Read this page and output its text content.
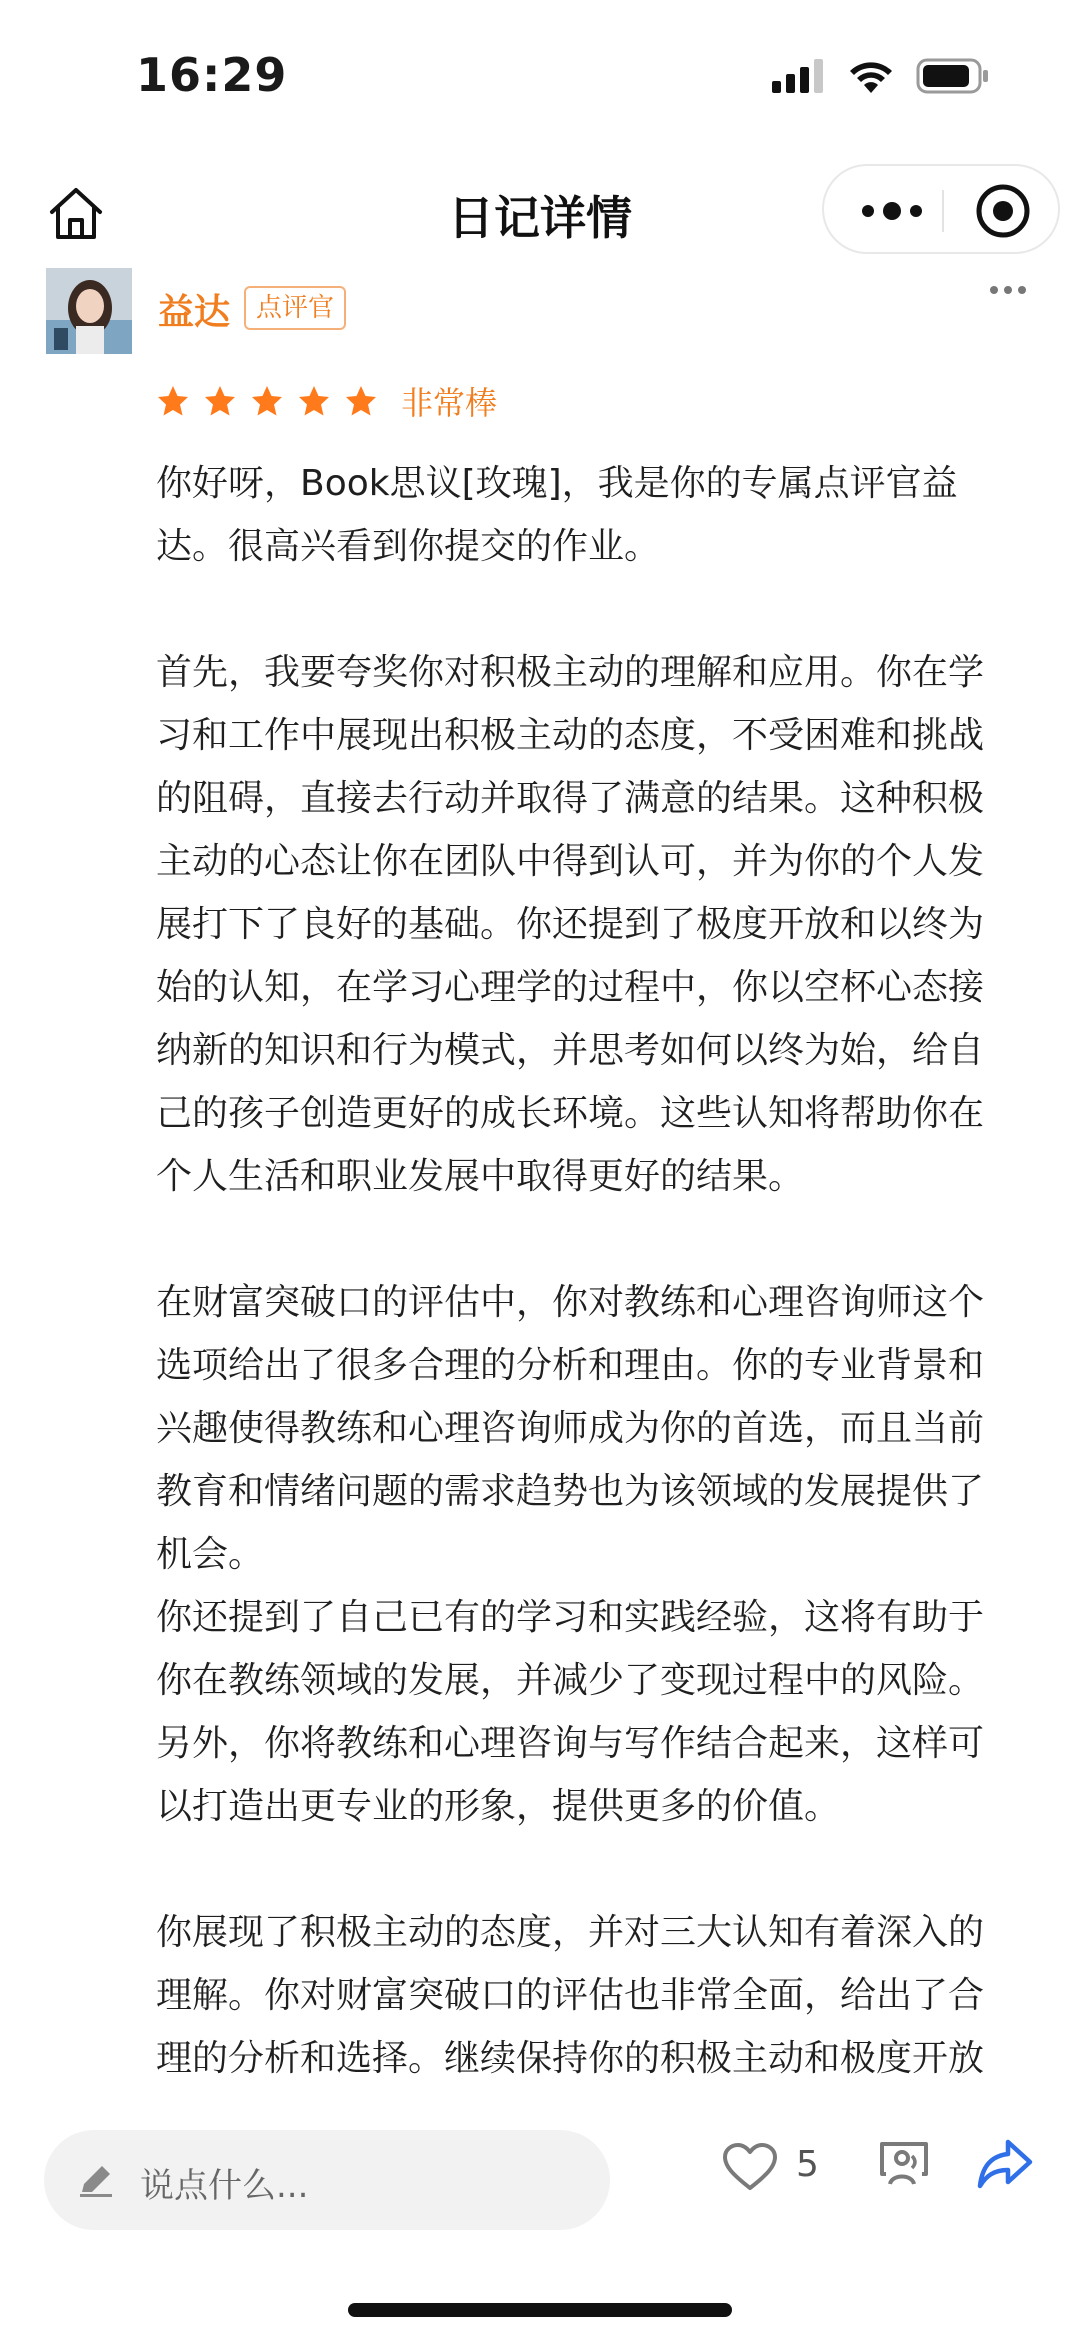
16:29
日记详情
益达 点评官
非常棒

你好呀，Book思议[玫瑰]，我是你的专属点评官益达。很高兴看到你提交的作业。

首先，我要夸奖你对积极主动的理解和应用。你在学习和工作中展现出积极主动的态度，不受困难和挑战的阻碍，直接去行动并取得了满意的结果。这种积极主动的心态让你在团队中得到认可，并为你的个人发展打下了良好的基础。你还提到了极度开放和以终为始的认知，在学习心理学的过程中，你以空杯心态接纳新的知识和行为模式，并思考如何以终为始，给自己的孩子创造更好的成长环境。这些认知将帮助你在个人生活和职业发展中取得更好的结果。

在财富突破口的评估中，你对教练和心理咨询师这个选项给出了很多合理的分析和理由。你的专业背景和兴趣使得教练和心理咨询师成为你的首选，而且当前教育和情绪问题的需求趋势也为该领域的发展提供了机会。

你还提到了自己已有的学习和实践经验，这将有助于你在教练领域的发展，并减少了变现过程中的风险。另外，你将教练和心理咨询与写作结合起来，这样可以打造出更专业的形象，提供更多的价值。

你展现了积极主动的态度，并对三大认知有着深入的理解。你对财富突破口的评估也非常全面，给出了合理的分析和选择。继续保持你的积极主动和极度开放

说点什么...
5
